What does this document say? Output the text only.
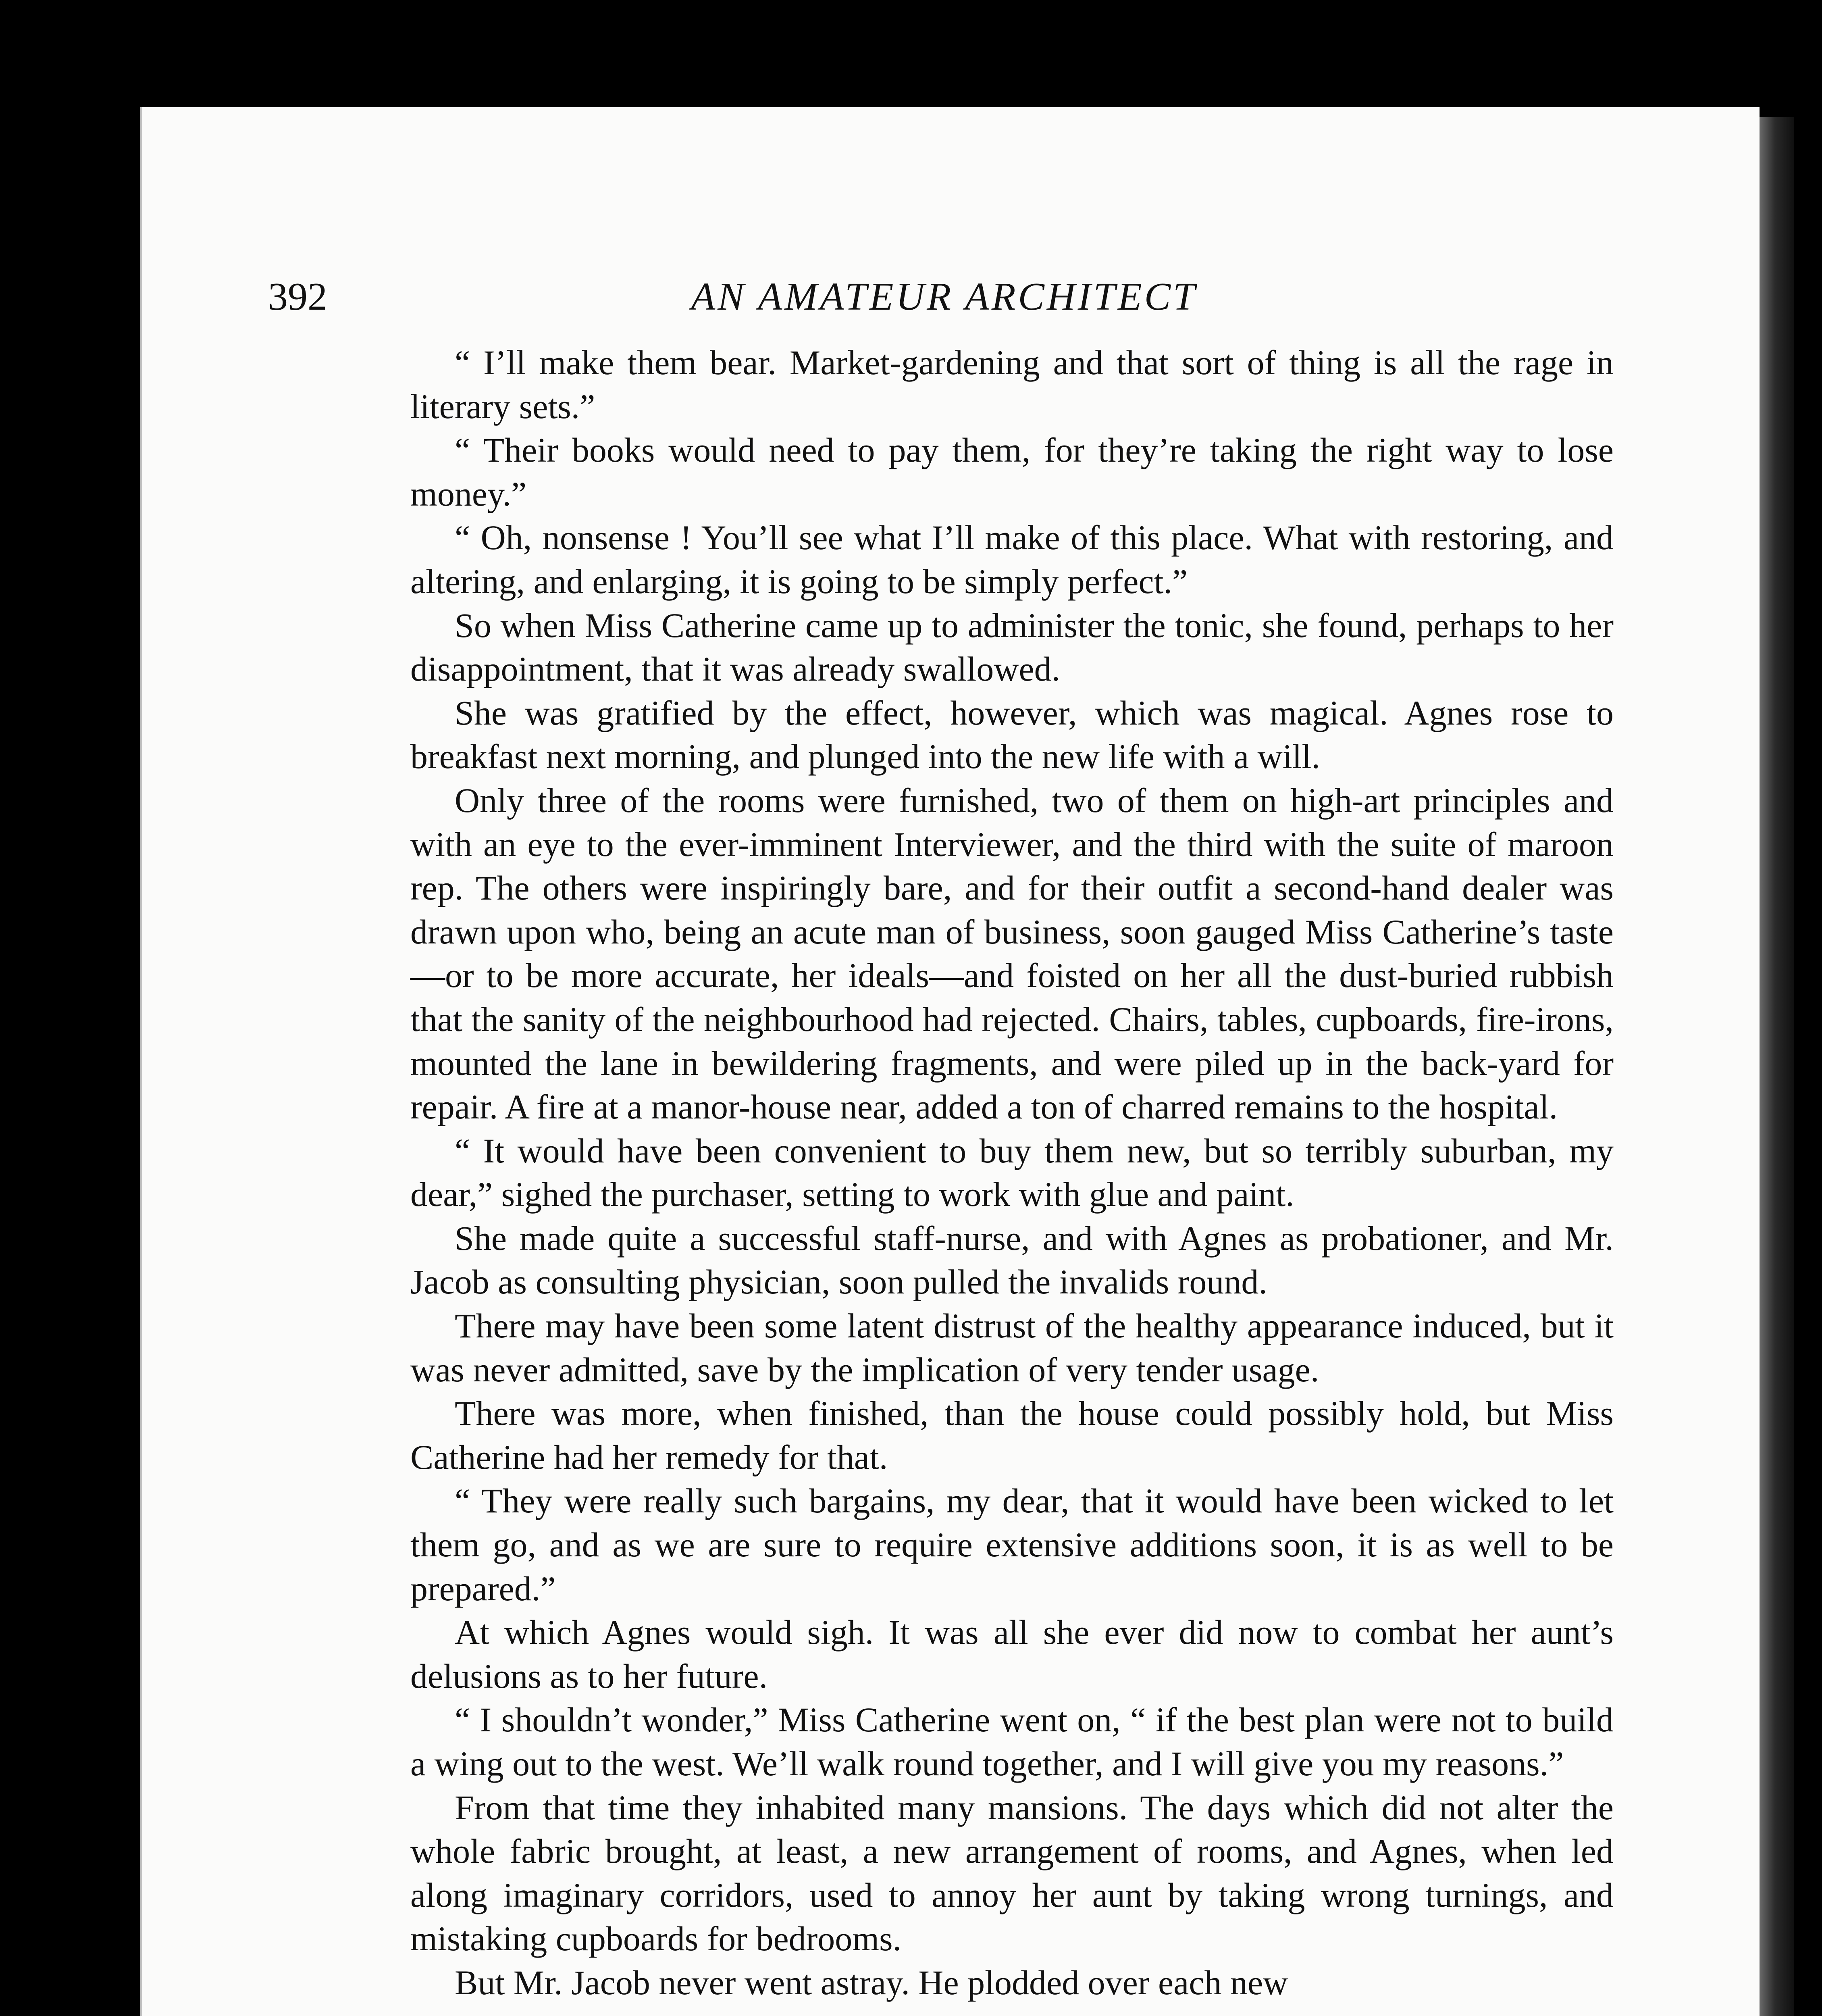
392	AN AMATEUR ARCHITECT

“ I’ll make them bear. Market-gardening and that sort of thing is all the rage in literary sets.”

“ Their books would need to pay them, for they’re taking the right way to lose money.”

“ Oh, nonsense ! You’ll see what I’ll make of this place. What with restoring, and altering, and enlarging, it is going to be simply perfect.”

So when Miss Catherine came up to administer the tonic, she found, perhaps to her disappointment, that it was already swallowed.

She was gratified by the effect, however, which was magical. Agnes rose to breakfast next morning, and plunged into the new life with a will.

Only three of the rooms were furnished, two of them on high-art principles and with an eye to the ever-imminent Interviewer, and the third with the suite of maroon rep. The others were inspiringly bare, and for their outfit a second-hand dealer was drawn upon who, being an acute man of business, soon gauged Miss Catherine’s taste—or to be more accurate, her ideals—and foisted on her all the dust-buried rubbish that the sanity of the neighbourhood had rejected. Chairs, tables, cupboards, fire-irons, mounted the lane in bewildering fragments, and were piled up in the back-yard for repair. A fire at a manor-house near, added a ton of charred remains to the hospital.

“ It would have been convenient to buy them new, but so terribly suburban, my dear,” sighed the purchaser, setting to work with glue and paint.

She made quite a successful staff-nurse, and with Agnes as probationer, and Mr. Jacob as consulting physician, soon pulled the invalids round.

There may have been some latent distrust of the healthy appearance induced, but it was never admitted, save by the implication of very tender usage.

There was more, when finished, than the house could possibly hold, but Miss Catherine had her remedy for that.

“ They were really such bargains, my dear, that it would have been wicked to let them go, and as we are sure to require extensive additions soon, it is as well to be prepared.”

At which Agnes would sigh. It was all she ever did now to combat her aunt’s delusions as to her future.

“ I shouldn’t wonder,” Miss Catherine went on, “ if the best plan were not to build a wing out to the west. We’ll walk round together, and I will give you my reasons.”

From that time they inhabited many mansions. The days which did not alter the whole fabric brought, at least, a new arrangement of rooms, and Agnes, when led along imaginary corridors, used to annoy her aunt by taking wrong turnings, and mistaking cupboards for bedrooms.

But Mr. Jacob never went astray. He plodded over each new
